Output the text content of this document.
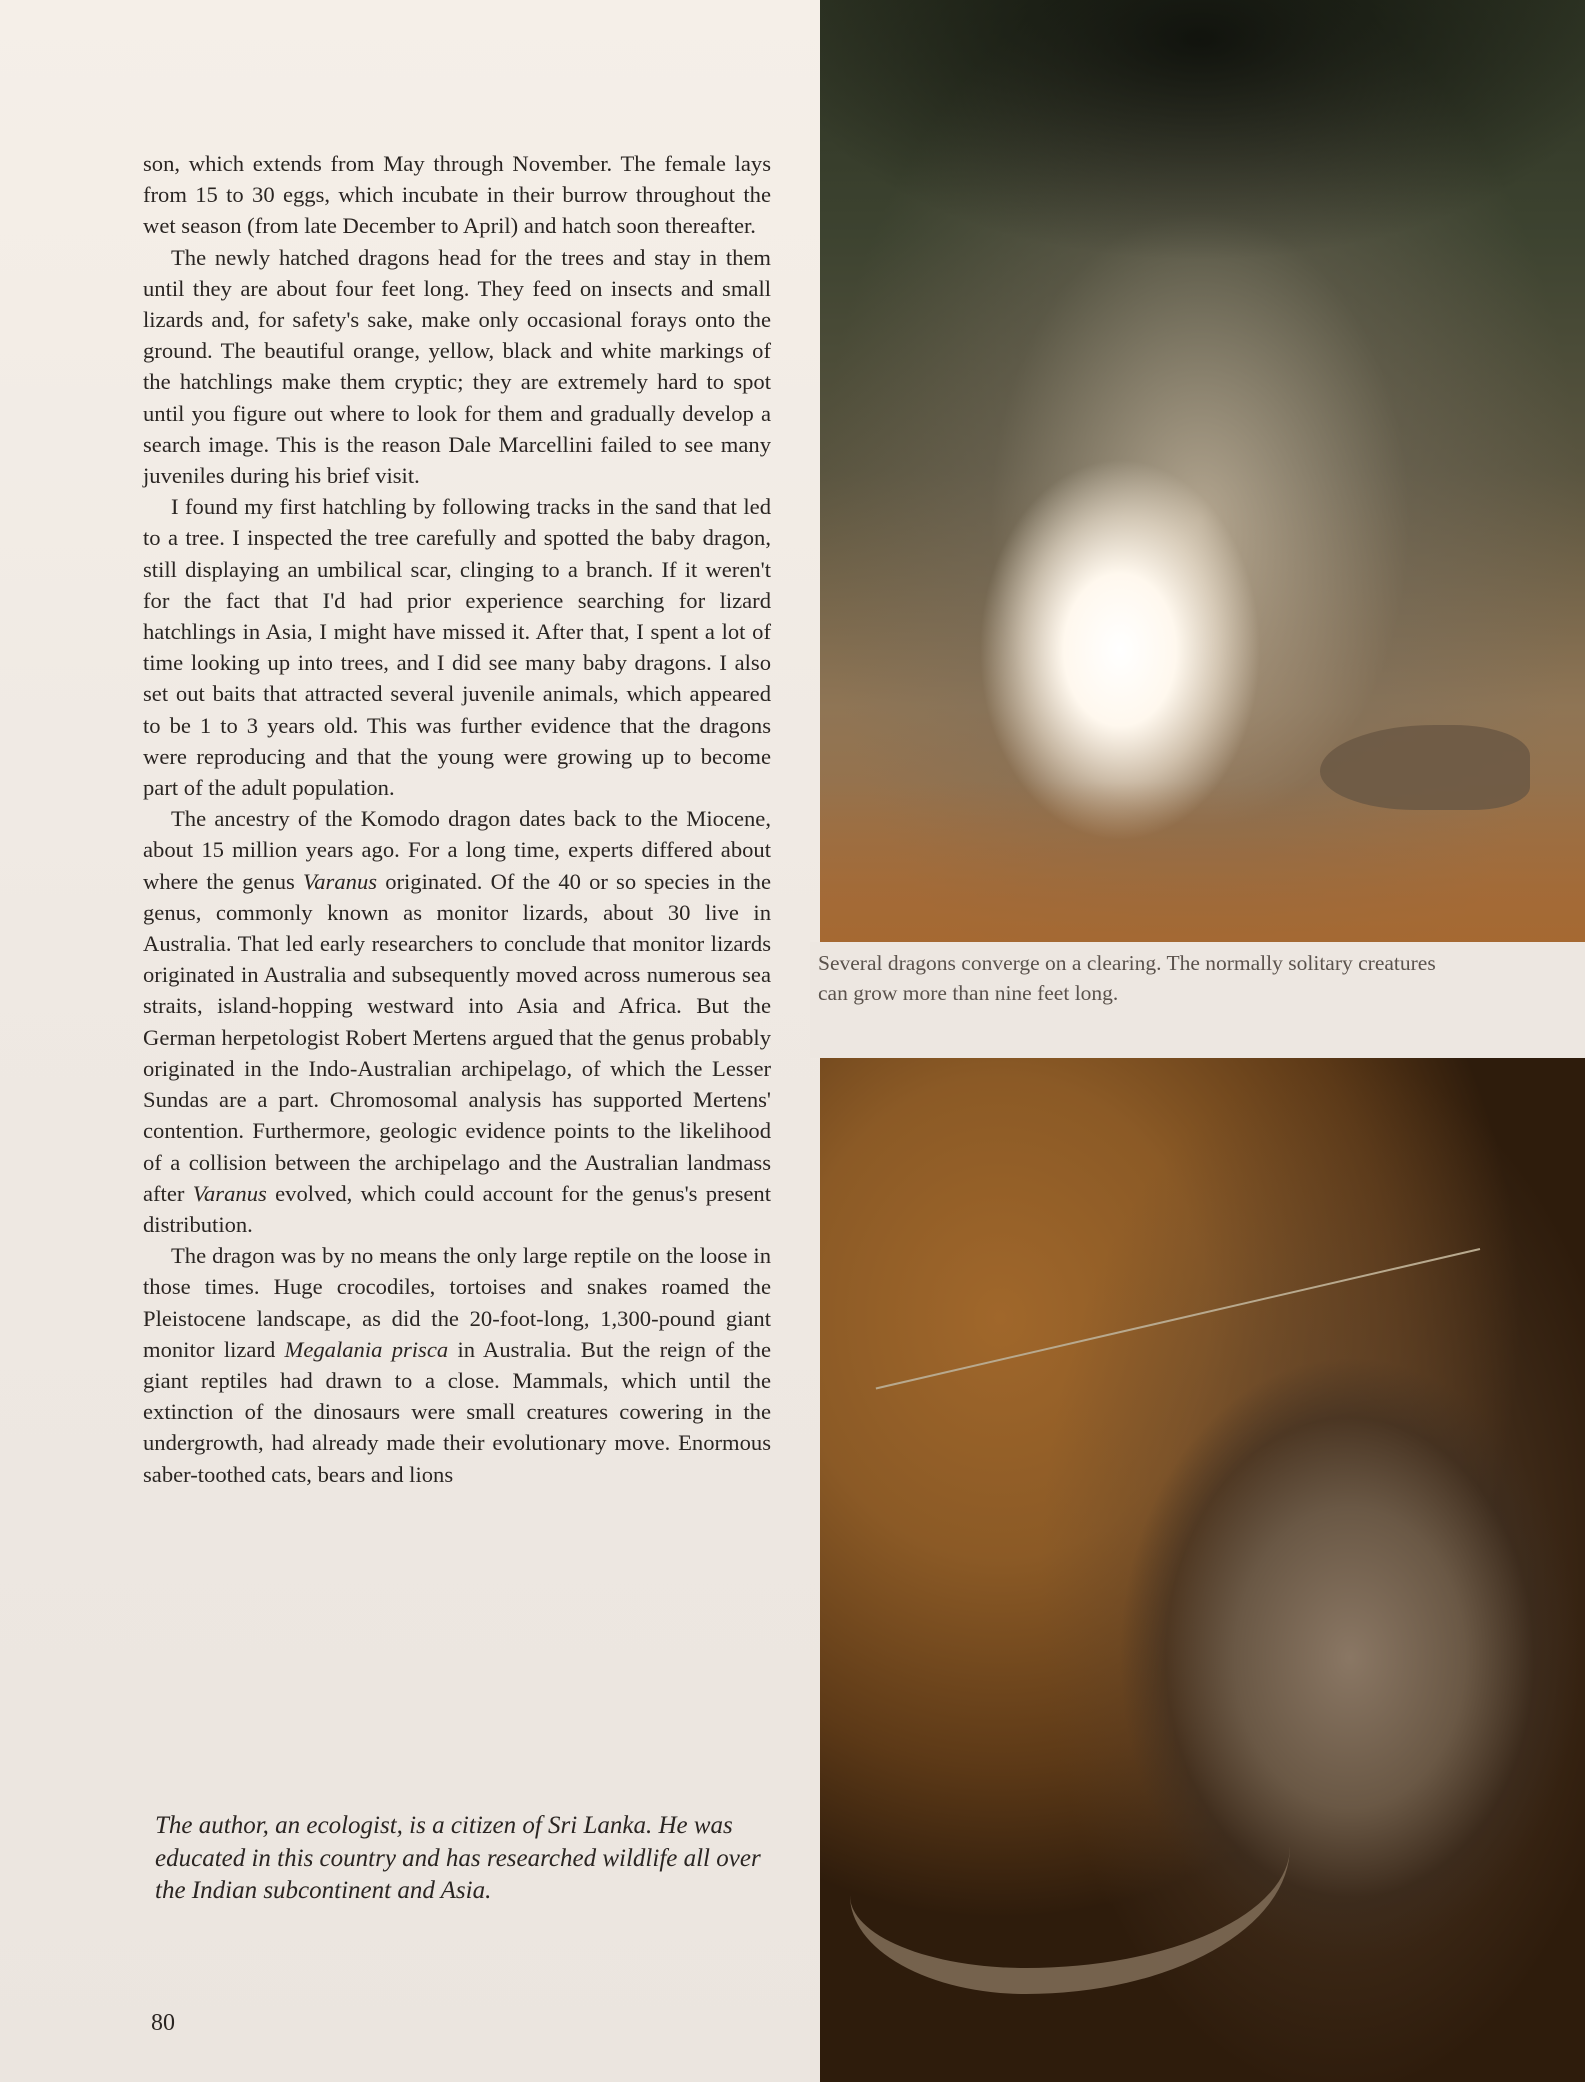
son, which extends from May through November. The female lays from 15 to 30 eggs, which incubate in their burrow throughout the wet season (from late December to April) and hatch soon thereafter.

The newly hatched dragons head for the trees and stay in them until they are about four feet long. They feed on insects and small lizards and, for safety's sake, make only occasional forays onto the ground. The beautiful orange, yellow, black and white markings of the hatchlings make them cryptic; they are extremely hard to spot until you figure out where to look for them and gradually develop a search image. This is the reason Dale Marcellini failed to see many juveniles during his brief visit.

I found my first hatchling by following tracks in the sand that led to a tree. I inspected the tree carefully and spotted the baby dragon, still displaying an umbilical scar, clinging to a branch. If it weren't for the fact that I'd had prior experience searching for lizard hatchlings in Asia, I might have missed it. After that, I spent a lot of time looking up into trees, and I did see many baby dragons. I also set out baits that attracted several juvenile animals, which appeared to be 1 to 3 years old. This was further evidence that the dragons were reproducing and that the young were growing up to become part of the adult population.

The ancestry of the Komodo dragon dates back to the Miocene, about 15 million years ago. For a long time, experts differed about where the genus Varanus originated. Of the 40 or so species in the genus, commonly known as monitor lizards, about 30 live in Australia. That led early researchers to conclude that monitor lizards originated in Australia and subsequently moved across numerous sea straits, island-hopping westward into Asia and Africa. But the German herpetologist Robert Mertens argued that the genus probably originated in the Indo-Australian archipelago, of which the Lesser Sundas are a part. Chromosomal analysis has supported Mertens' contention. Furthermore, geologic evidence points to the likelihood of a collision between the archipelago and the Australian landmass after Varanus evolved, which could account for the genus's present distribution.

The dragon was by no means the only large reptile on the loose in those times. Huge crocodiles, tortoises and snakes roamed the Pleistocene landscape, as did the 20-foot-long, 1,300-pound giant monitor lizard Megalania prisca in Australia. But the reign of the giant reptiles had drawn to a close. Mammals, which until the extinction of the dinosaurs were small creatures cowering in the undergrowth, had already made their evolutionary move. Enormous saber-toothed cats, bears and lions

The author, an ecologist, is a citizen of Sri Lanka. He was educated in this country and has researched wildlife all over the Indian subcontinent and Asia.
80
Several dragons converge on a clearing. The normally solitary creatures can grow more than nine feet long.
